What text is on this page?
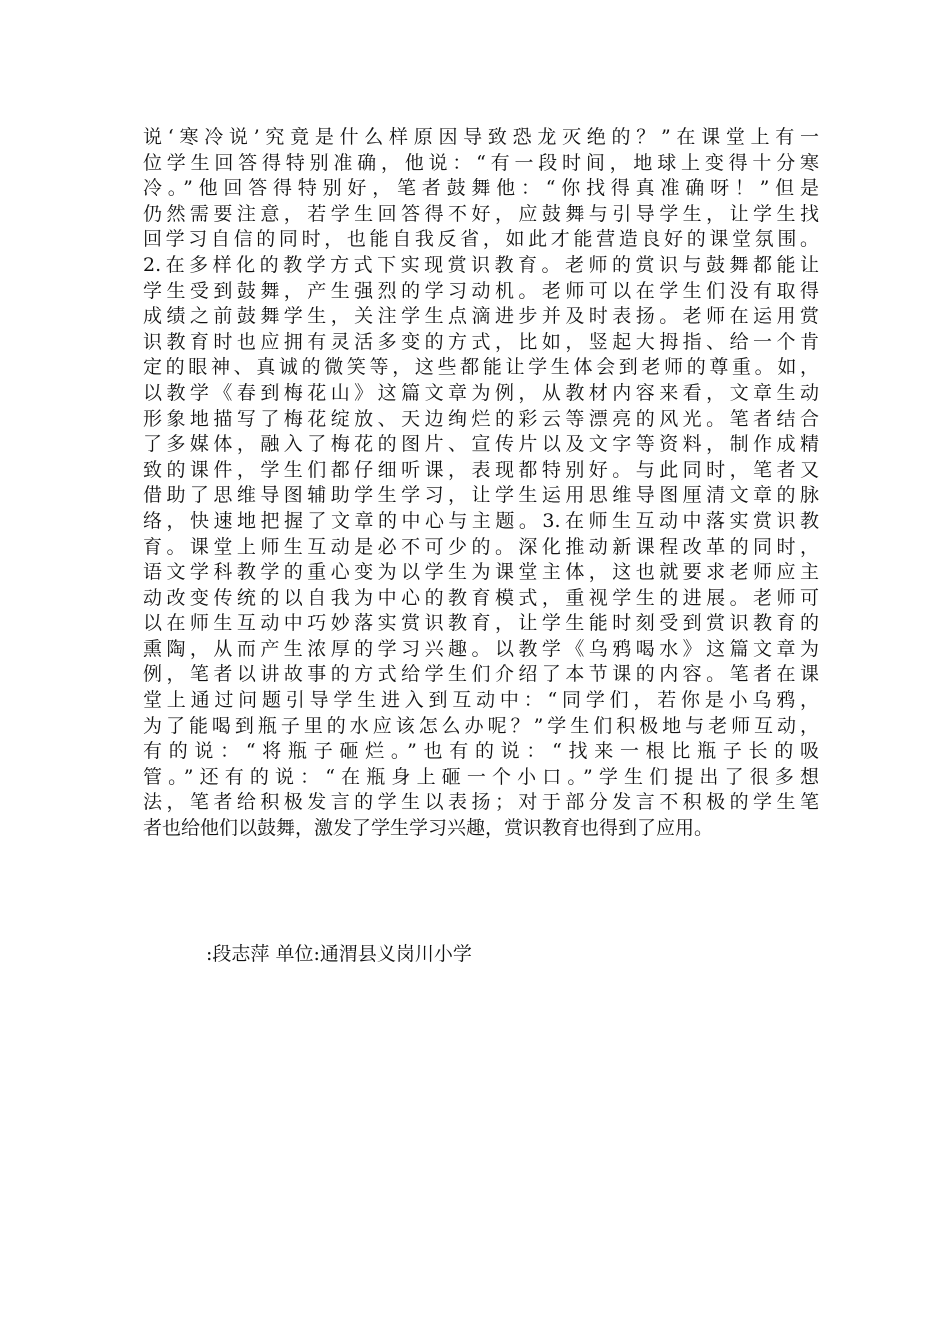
说‘寒冷说’究竟是什么样原因导致恐龙灭绝的？”在课堂上有一
位学生回答得特别准确，他说：“有一段时间，地球上变得十分寒
冷。”他回答得特别好，笔者鼓舞他：“你找得真准确呀！”但是
仍然需要注意，若学生回答得不好，应鼓舞与引导学生，让学生找
回学习自信的同时，也能自我反省，如此才能营造良好的课堂氛围。
2.在多样化的教学方式下实现赏识教育。老师的赏识与鼓舞都能让
学生受到鼓舞，产生强烈的学习动机。老师可以在学生们没有取得
成绩之前鼓舞学生，关注学生点滴进步并及时表扬。老师在运用赏
识教育时也应拥有灵活多变的方式，比如，竖起大拇指、给一个肯
定的眼神、真诚的微笑等，这些都能让学生体会到老师的尊重。如，
以教学《春到梅花山》这篇文章为例，从教材内容来看，文章生动
形象地描写了梅花绽放、天边绚烂的彩云等漂亮的风光。笔者结合
了多媒体，融入了梅花的图片、宣传片以及文字等资料，制作成精
致的课件，学生们都仔细听课，表现都特别好。与此同时，笔者又
借助了思维导图辅助学生学习，让学生运用思维导图厘清文章的脉
络，快速地把握了文章的中心与主题。3.在师生互动中落实赏识教
育。课堂上师生互动是必不可少的。深化推动新课程改革的同时，
语文学科教学的重心变为以学生为课堂主体，这也就要求老师应主
动改变传统的以自我为中心的教育模式，重视学生的进展。老师可
以在师生互动中巧妙落实赏识教育，让学生能时刻受到赏识教育的
熏陶，从而产生浓厚的学习兴趣。以教学《乌鸦喝水》这篇文章为
例，笔者以讲故事的方式给学生们介绍了本节课的内容。笔者在课
堂上通过问题引导学生进入到互动中：“同学们，若你是小乌鸦，
为了能喝到瓶子里的水应该怎么办呢？”学生们积极地与老师互动，
有的说：“将瓶子砸烂。”也有的说：“找来一根比瓶子长的吸
管。”还有的说：“在瓶身上砸一个小口。”学生们提出了很多想
法，笔者给积极发言的学生以表扬；对于部分发言不积极的学生笔
者也给他们以鼓舞，激发了学生学习兴趣，赏识教育也得到了应用。

:段志萍 单位:通渭县义岗川小学
